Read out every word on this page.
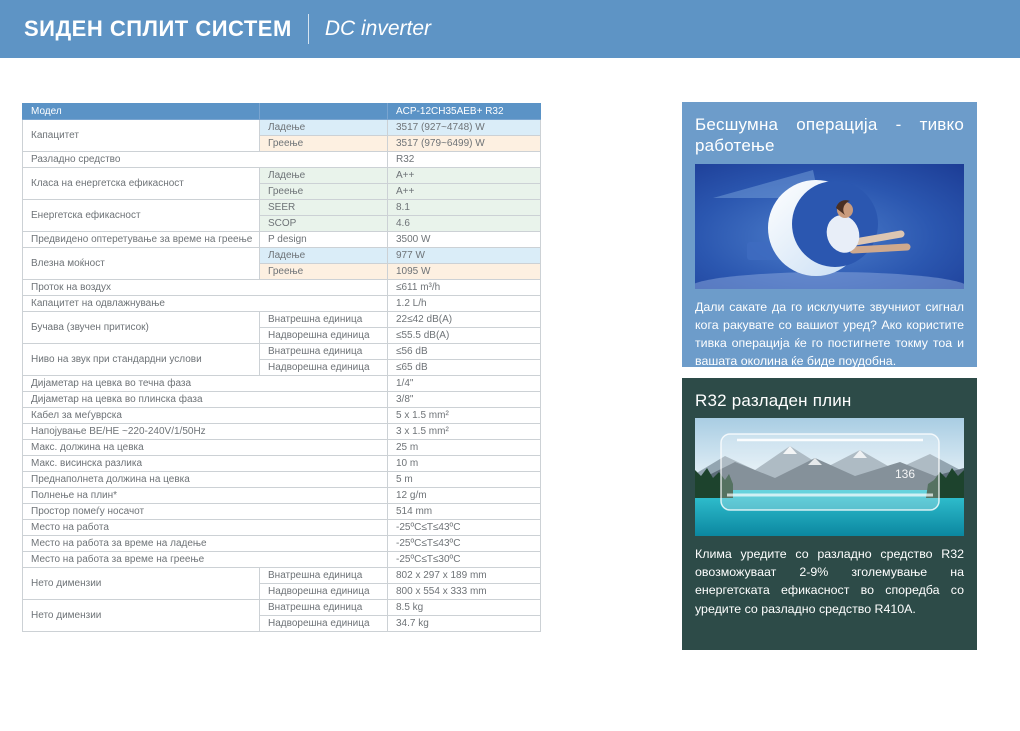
ЅИДЕН СПЛИТ СИСТЕМ DC inverter
Модел		ACP-12CH35AEB+ R32
Капацитет	Ладење	3517 (927~4748) W
	Греење	3517 (979~6499) W
Разладно средство		R32
Класа на енергетска ефикасност	Ладење	A++
	Греење	A++
Енергетска ефикасност	SEER	8.1
	SCOP	4.6
Предвидено оптеретување за време на греење	P design	3500 W
Влезна моќност	Ладење	977 W
	Греење	1095 W
Проток на воздух		≤611 m³/h
Капацитет на одвлажнување		1.2 L/h
Бучава (звучен притисок)	Внатрешна единица	22≤42 dB(A)
	Надворешна единица	≤55.5 dB(A)
Ниво на звук при стандардни услови	Внатрешна единица	≤56 dB
	Надворешна единица	≤65 dB
Дијаметар на цевка во течна фаза		1/4"
Дијаметар на цевка во плинска фаза		3/8"
Кабел за меѓуврска		5 x 1.5 mm²
Напојување ВЕ/НЕ ~220-240V/1/50Hz		3 x 1.5 mm²
Макс. должина на цевка		25 m
Макс. висинска разлика		10 m
Преднаполнета должина на цевка		5 m
Полнење на плин*		12 g/m
Простор помеѓу носачот		514 mm
Место на работа		-25ºC≤T≤43ºC
Место на работа за време на ладење		-25ºC≤T≤43ºC
Место на работа за време на греење		-25ºC≤T≤30ºC
Нето димензии	Внатрешна единица	802 x 297 x 189 mm
	Надворешна единица	800 x 554 x 333 mm
Нето димензии	Внатрешна единица	8.5 kg
	Надворешна единица	34.7 kg
Бесшумна операција - тивко работење
Дали сакате да го исклучите звучниот сигнал кога ракувате со вашиот уред? Ако користите тивка операција ќе го постигнете токму тоа и вашата околина ќе биде поудобна.
R32 разладен плин
136
Клима уредите со разладно средство R32 овозможуваат 2-9% зголемување на енергетската ефикасност во споредба со уредите со разладно средство R410A.
